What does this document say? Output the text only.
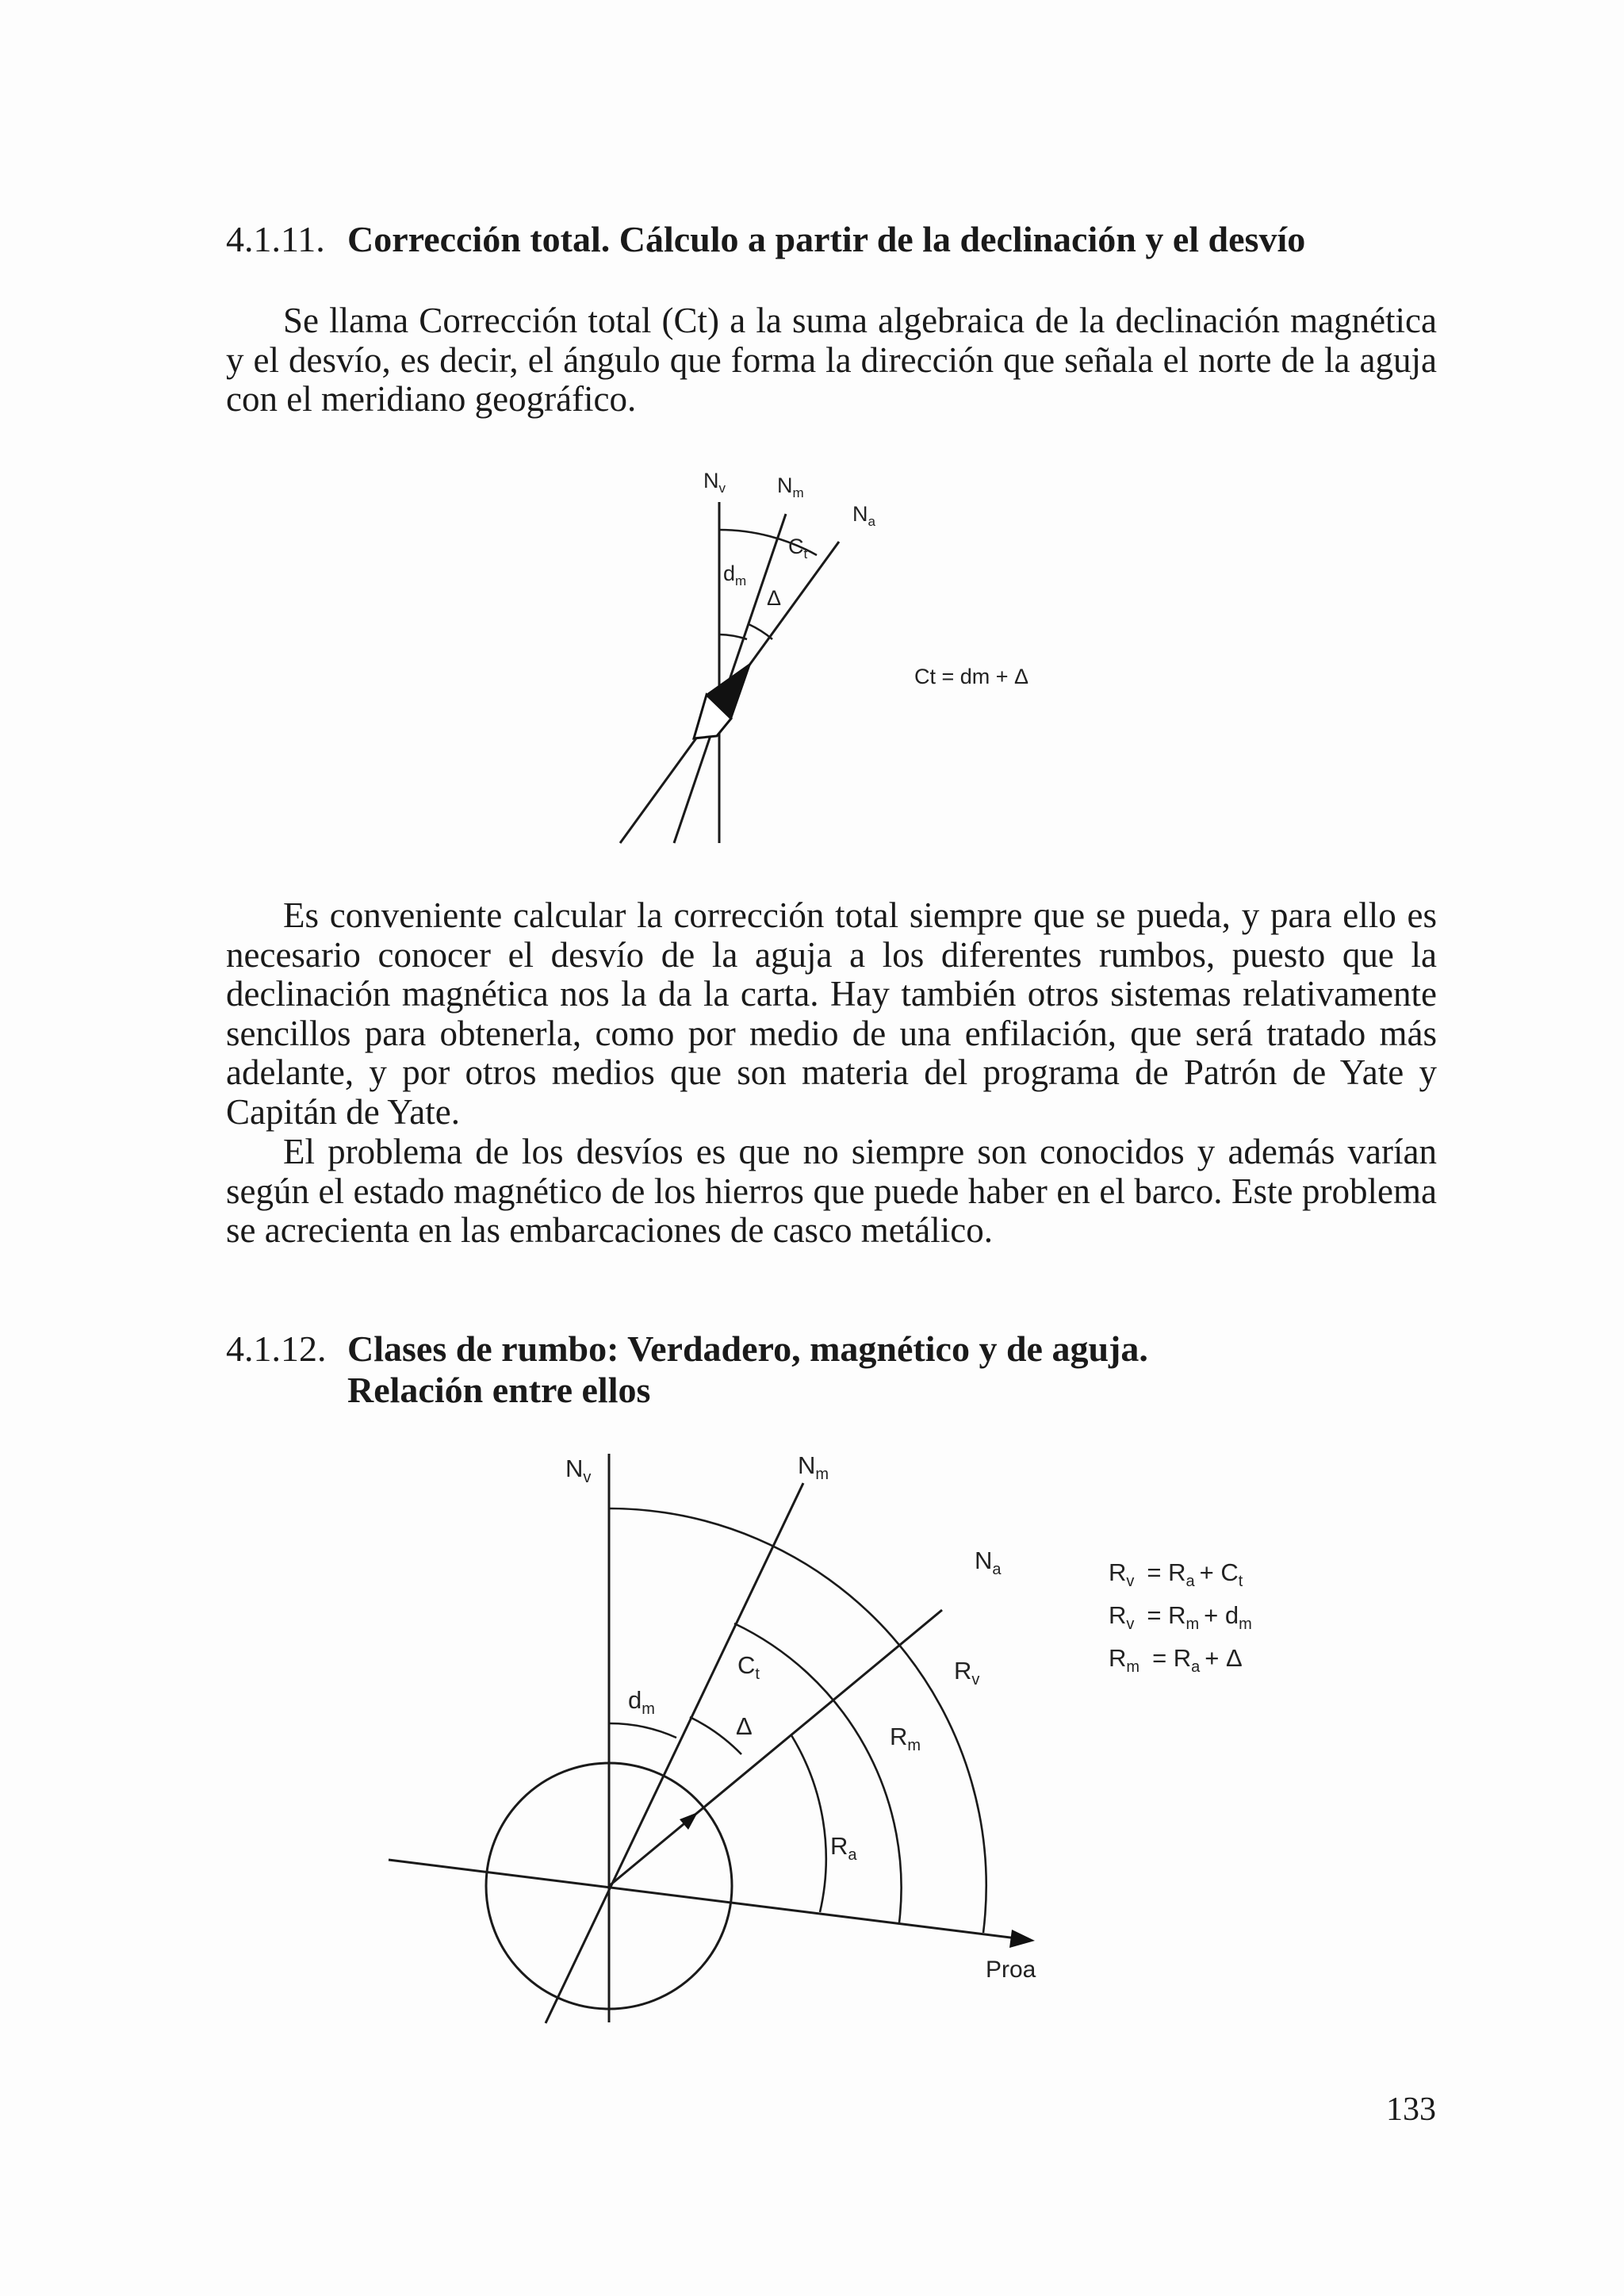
4.1.11. Corrección total. Cálculo a partir de la declinación y el desvío

Se llama Corrección total (Ct) a la suma algebraica de la declinación magnética y el desvío, es decir, el ángulo que forma la dirección que señala el norte de la aguja con el meridiano geográfico.

$N_v$ $N_m$
$N_a$
$C_t$
$d_m$
Δ
Ct = dm + Δ

Es conveniente calcular la corrección total siempre que se pueda, y para ello es necesario conocer el desvío de la aguja a los diferentes rumbos, puesto que la declinación magnética nos la da la carta. Hay también otros sistemas relativamente sencillos para obtenerla, como por medio de una enfilación, que será tratado más adelante, y por otros medios que son materia del programa de Patrón de Yate y Capitán de Yate.

El problema de los desvíos es que no siempre son conocidos y además varían según el estado magnético de los hierros que puede haber en el barco. Este problema se acrecienta en las embarcaciones de casco metálico.

4.1.12. Clases de rumbo: Verdadero, magnético y de aguja.
Relación entre ellos
$N_v$	$N_m$
$N_a$
$C_t$
$d_m$
Δ
$R_v$
$R_m$
$R_a$
Proa
$R_v = R_a + C_t$
$R_v = R_m + d_m$
$R_m = R_a + \Delta$
133
